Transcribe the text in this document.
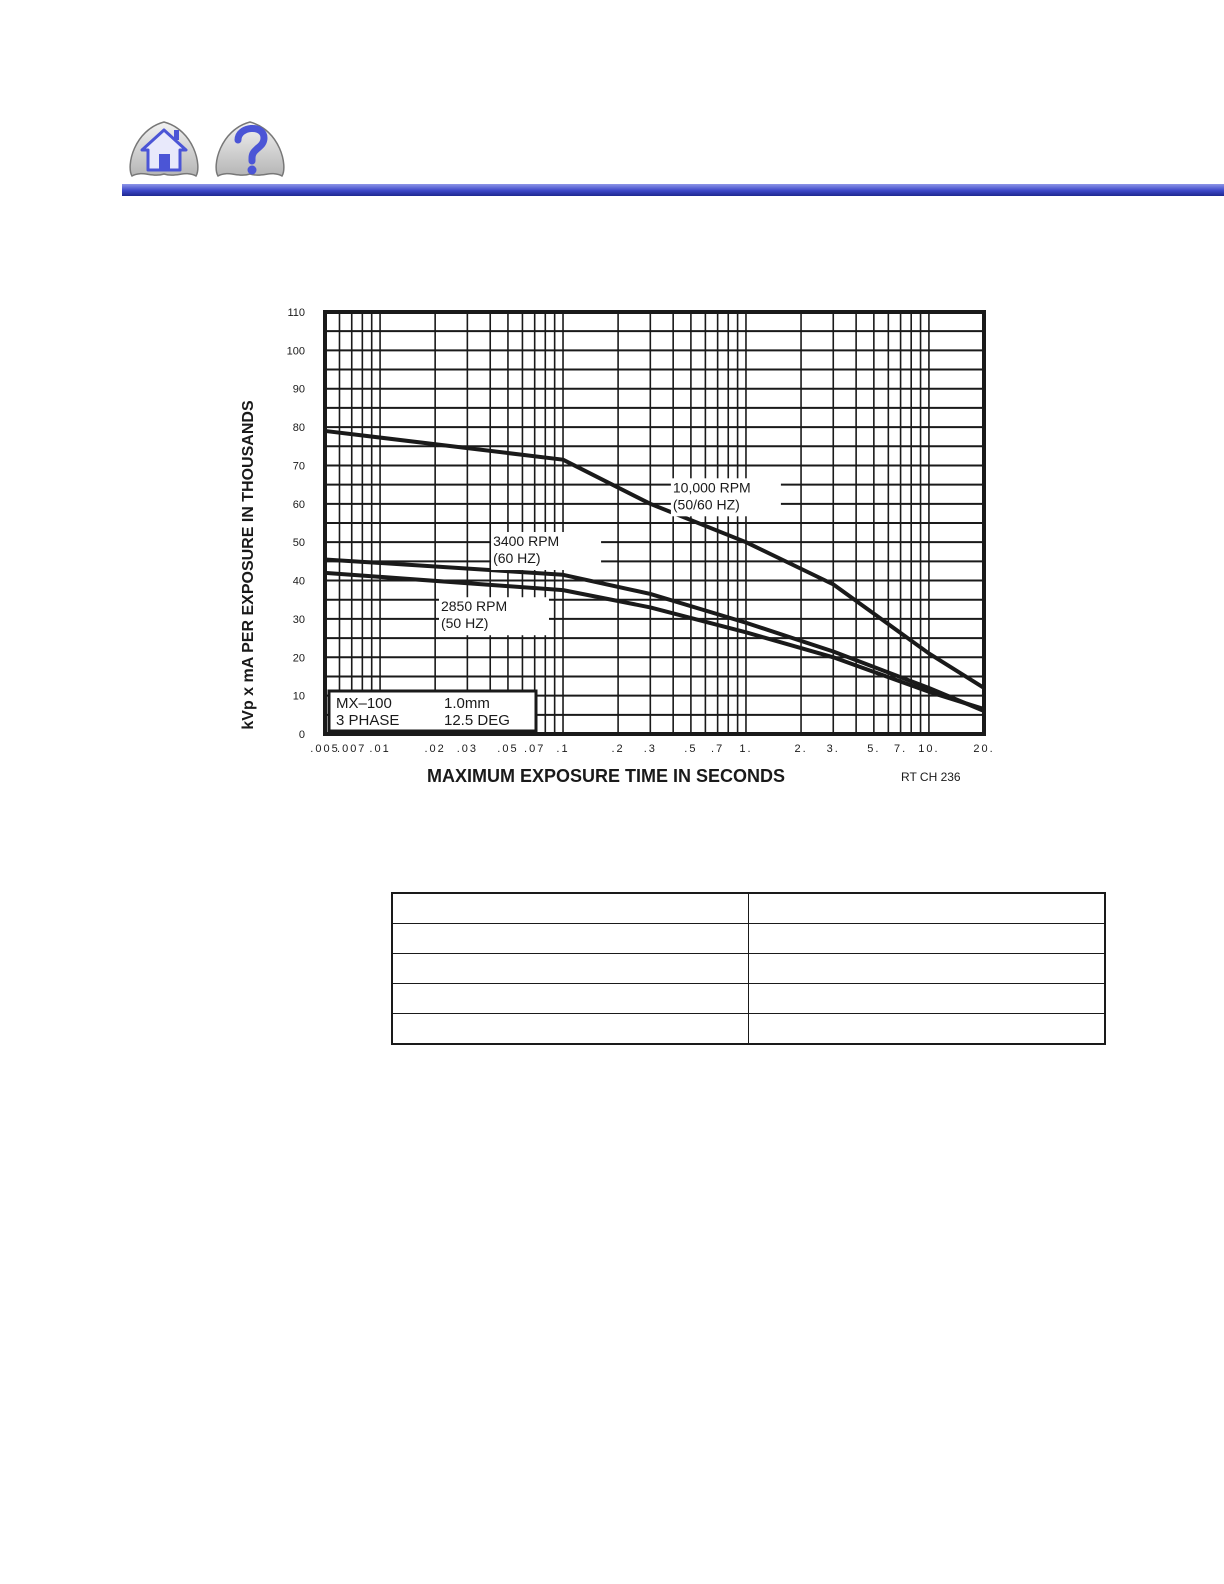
0
10
20
30
40
50
60
70
80
90
100
110
.005
.007 .01	.02 .03 .05 .07 .1	.2 .3 .5 .7 1.	2. 3. 5. 7. 10.	20.
10,000 RPM
(50/60 HZ)
3400 RPM
(60 HZ)
2850 RPM
(50 HZ)
MX–100	1.0mm
3 PHASE	12.5 DEG
MAXIMUM EXPOSURE TIME IN SECONDS
kVp x mA PER EXPOSURE IN THOUSANDS
RT CH 236
